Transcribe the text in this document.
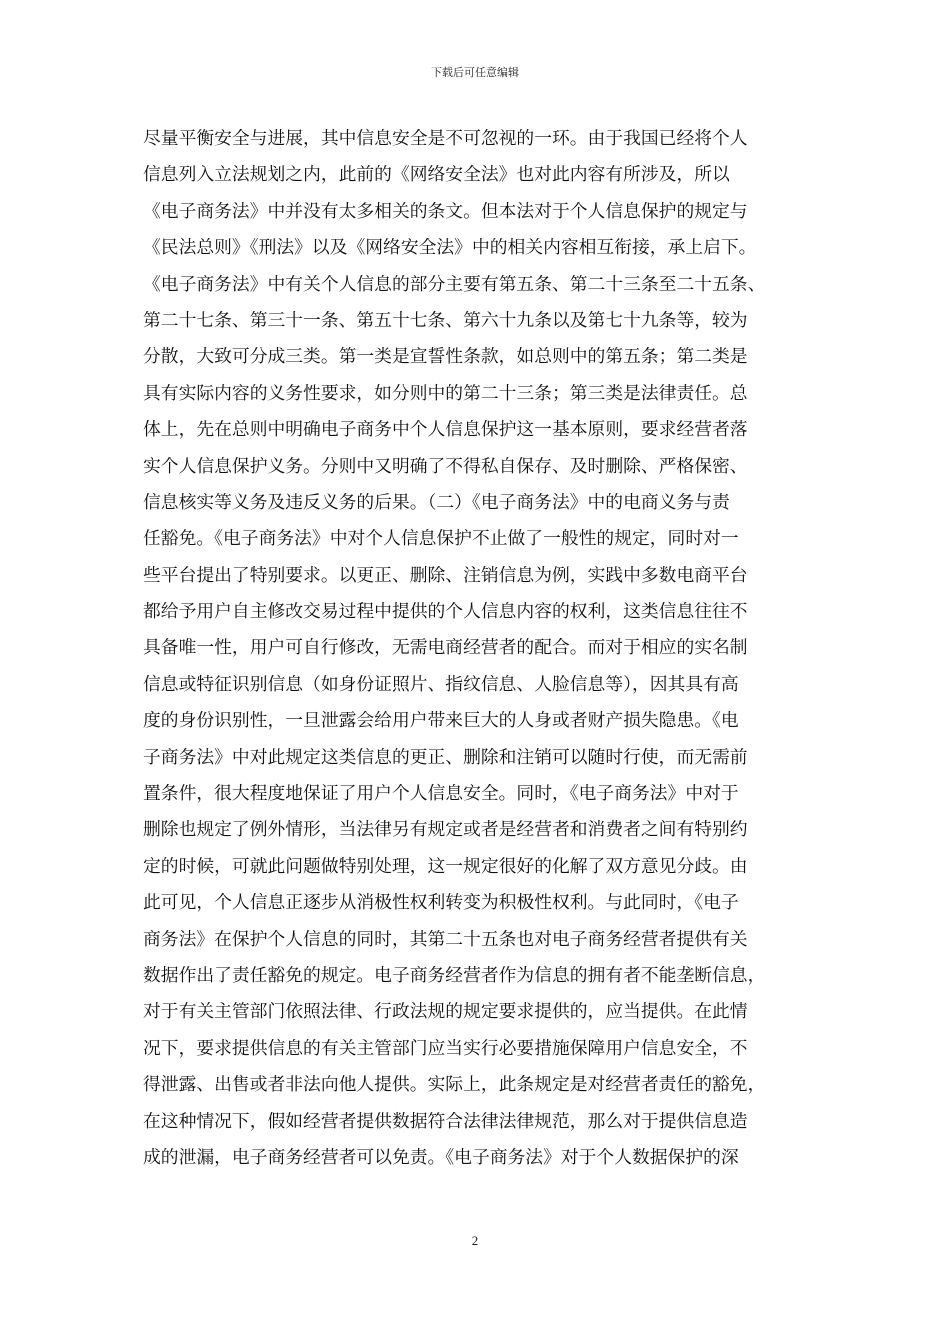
下载后可任意编辑
尽量平衡安全与进展，其中信息安全是不可忽视的一环。由于我国已经将个人
信息列入立法规划之内，此前的《网络安全法》也对此内容有所涉及，所以
《电子商务法》中并没有太多相关的条文。但本法对于个人信息保护的规定与
《民法总则》《刑法》以及《网络安全法》中的相关内容相互衔接，承上启下。
《电子商务法》中有关个人信息的部分主要有第五条、第二十三条至二十五条、
第二十七条、第三十一条、第五十七条、第六十九条以及第七十九条等，较为
分散，大致可分成三类。第一类是宣誓性条款，如总则中的第五条；第二类是
具有实际内容的义务性要求，如分则中的第二十三条；第三类是法律责任。总
体上，先在总则中明确电子商务中个人信息保护这一基本原则，要求经营者落
实个人信息保护义务。分则中又明确了不得私自保存、及时删除、严格保密、
信息核实等义务及违反义务的后果。（二）《电子商务法》中的电商义务与责
任豁免。《电子商务法》中对个人信息保护不止做了一般性的规定，同时对一
些平台提出了特别要求。以更正、删除、注销信息为例，实践中多数电商平台
都给予用户自主修改交易过程中提供的个人信息内容的权利，这类信息往往不
具备唯一性，用户可自行修改，无需电商经营者的配合。而对于相应的实名制
信息或特征识别信息（如身份证照片、指纹信息、人脸信息等），因其具有高
度的身份识别性，一旦泄露会给用户带来巨大的人身或者财产损失隐患。《电
子商务法》中对此规定这类信息的更正、删除和注销可以随时行使，而无需前
置条件，很大程度地保证了用户个人信息安全。同时，《电子商务法》中对于
删除也规定了例外情形，当法律另有规定或者是经营者和消费者之间有特别约
定的时候，可就此问题做特别处理，这一规定很好的化解了双方意见分歧。由
此可见，个人信息正逐步从消极性权利转变为积极性权利。与此同时，《电子
商务法》在保护个人信息的同时，其第二十五条也对电子商务经营者提供有关
数据作出了责任豁免的规定。电子商务经营者作为信息的拥有者不能垄断信息，
对于有关主管部门依照法律、行政法规的规定要求提供的，应当提供。在此情
况下，要求提供信息的有关主管部门应当实行必要措施保障用户信息安全，不
得泄露、出售或者非法向他人提供。实际上，此条规定是对经营者责任的豁免，
在这种情况下，假如经营者提供数据符合法律法律规范，那么对于提供信息造
成的泄漏，电子商务经营者可以免责。《电子商务法》对于个人数据保护的深
2
